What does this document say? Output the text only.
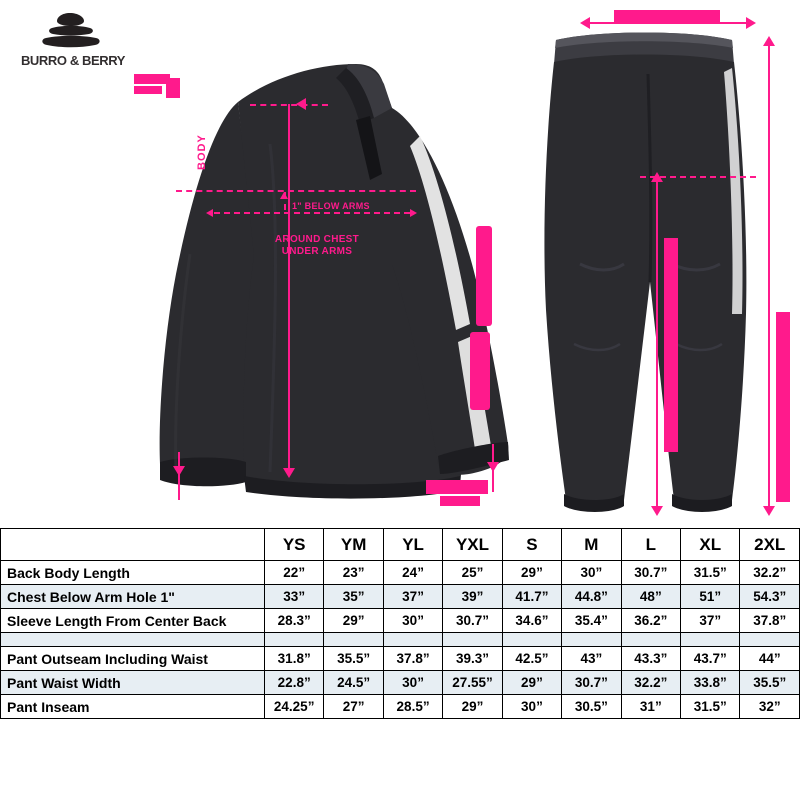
BURRO & BERRY
BODY
1" BELOW ARMS
AROUND CHEST
UNDER ARMS
	YS	YM	YL	YXL	S	M	L	XL	2XL
Back Body Length	22”	23”	24”	25”	29”	30”	30.7”	31.5”	32.2”
Chest Below Arm Hole 1"	33”	35”	37”	39”	41.7”	44.8”	48”	51”	54.3”
Sleeve Length From Center Back	28.3”	29”	30”	30.7”	34.6”	35.4”	36.2”	37”	37.8”

Pant Outseam Including Waist	31.8”	35.5”	37.8”	39.3”	42.5”	43”	43.3”	43.7”	44”
Pant Waist Width	22.8”	24.5”	30”	27.55”	29”	30.7”	32.2”	33.8”	35.5”
Pant Inseam	24.25”	27”	28.5”	29”	30”	30.5”	31”	31.5”	32”
